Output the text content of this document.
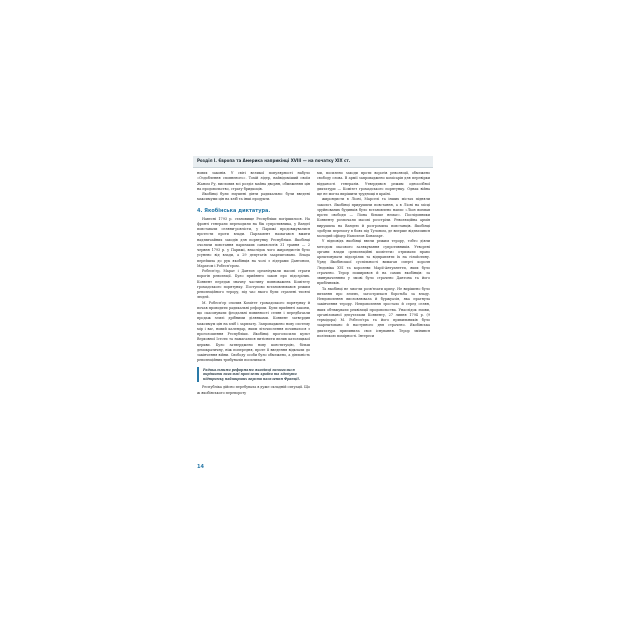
Розділ І. Європа та Америка наприкінці XVIII — на початку XIX ст.

нових законів. У світі великої популярності набуло «Оздоблення сповненого». Тохій лідер, найвідоміший своїм Жаном Ру, висловив всі розділ майна дворян, обмеження цін на продовольство, страту бридкоців.

Якобінці були змушені діяти радикально: були введені максимуми цін на хліб та інші продукти.

4. Якобінська диктатура.

Навесні 1793 р. становище Республіки погіршилося. На фронті генерали переходили на бік супротивника, у Вандеї повставали селяни-роялісти, у Парижі продовжувалися протести проти влади. Парламент намагався вжити надзвичайних заходів для порятунку Республіки. Якобінці очолили повстання паризьких санкюлотів 31 травня — 2 червня 1793 р. у Парижі, внаслідок чого жирондистів було усунено від влади, а 29 депутатів заарештовано. Влада перейшла до рук якобінців на чолі з лідерами Дантоном, Маратом і Робесп'єром.

Робесп'єр, Марат і Дантон організували масові страти ворогів революції. Було прийнято закон про підозрілих. Конвент передав значну частину повноважень Комітету громадського порятунку. Поступово встановлювався режим революційного терору, під час якого були страчені тисячі людей.

М. Робесп'єр очолив Комітет громадського порятунку й почав проводити радикальні реформи. Були прийняті закони, що скасовували феодальні повинності селян і передбачали продаж землі дрібними ділянками. Конвент затвердив максимум цін на хліб і зарплату. Запроваджено нову систему мір і ваг, новий календар, яким літочислення починалося з проголошення Республіки. Якобінці проголосили культ Верховної Істоти та намагалися витіснити вплив католицької церкви. Було затверджено нову конституцію, більш демократичну, ніж попередня, проте її введення відклали до закінчення війни. Свободу особи було обмежено, а діяльність революційних трибуналів посилилася.

Радикальними реформами якобінці намагалися вирішити нагальні проблеми країни та здобути підтримку найширших верств населення Франції.

Республіка дійсно перебувала в дуже складній ситуації. Що ж якобінського перевороту

ми, посилено заходи проти ворогів революції, обмежено свободу слова. В армії запроваджено комісарів для перевірки відданості генералів. Утвердився режим одноосібної диктатури — Комітет громадського порятунку. Однак війна ще не могла вирішити труднощі в країні.

жирондисти в Ліоні, Марселі та інших містах підняли заколот. Якобінці придушили повстання, а в Ліоні на місці зруйнованих будинків було встановлено напис «Ліон воював проти свободи — Ліона більше немає». Послідовники Конвенту розпочали масові розстріли. Революційна армія вирушила на Вандею й розгромила повстанців. Якобінці здобули перемогу в боях під Тулоном, де вперше відзначився молодий офіцер Наполеон Бонапарт.

У відповідь якобінці ввели режим терору, тобто діяли методом масового залякування супротивників. Утворені органи влади «революційні комітети» отримали право арештовувати підозрілих та відправляти їх на гільйотину. Уряд Якобінської суспільності вимагав смерті короля Людовіка XVI та королеви Марії-Антуанетти, яких було страчено. Терор поширився й на самих якобінців: за звинуваченням у змові було страчено Дантона та його прибічників.

Та якобінці не змогли розв'язати кризу. Не вирішено було питання про землю, загострилася боротьба за владу. Невдоволення висловлювала й буржуазія, яка прагнула закінчення терору. Невдоволення зростало й серед селян, яких обтяжували реквізиції продовольства. Унаслідок змови, організованої депутатами Конвенту, 27 липня 1794 р. (9 термідора) М. Робесп'єра та його прихильників було заарештовано й наступного дня страчено. Якобінська диктатура припинила своє існування. Терор змінився політикою помірності. Інтереси

14
